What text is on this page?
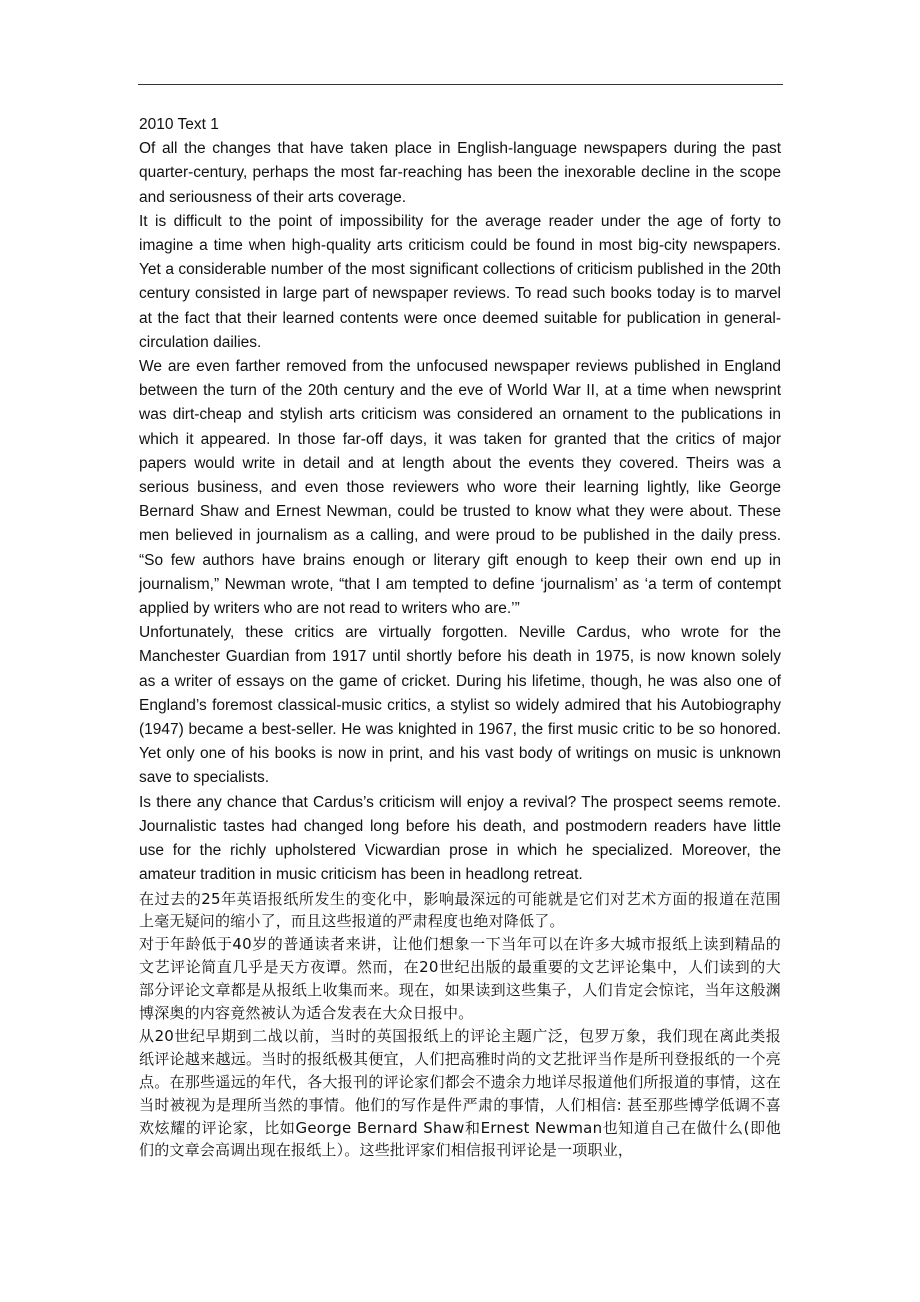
2010 Text 1

Of all the changes that have taken place in English-language newspapers during the past quarter-century, perhaps the most far-reaching has been the inexorable decline in the scope and seriousness of their arts coverage.

It is difficult to the point of impossibility for the average reader under the age of forty to imagine a time when high-quality arts criticism could be found in most big-city newspapers. Yet a considerable number of the most significant collections of criticism published in the 20th century consisted in large part of newspaper reviews. To read such books today is to marvel at the fact that their learned contents were once deemed suitable for publication in general-circulation dailies.

We are even farther removed from the unfocused newspaper reviews published in England between the turn of the 20th century and the eve of World War II, at a time when newsprint was dirt-cheap and stylish arts criticism was considered an ornament to the publications in which it appeared. In those far-off days, it was taken for granted that the critics of major papers would write in detail and at length about the events they covered. Theirs was a serious business, and even those reviewers who wore their learning lightly, like George Bernard Shaw and Ernest Newman, could be trusted to know what they were about. These men believed in journalism as a calling, and were proud to be published in the daily press. “So few authors have brains enough or literary gift enough to keep their own end up in journalism,” Newman wrote, “that I am tempted to define ‘journalism’ as ‘a term of contempt applied by writers who are not read to writers who are.’”

Unfortunately, these critics are virtually forgotten. Neville Cardus, who wrote for the Manchester Guardian from 1917 until shortly before his death in 1975, is now known solely as a writer of essays on the game of cricket. During his lifetime, though, he was also one of England’s foremost classical-music critics, a stylist so widely admired that his Autobiography (1947) became a best-seller. He was knighted in 1967, the first music critic to be so honored. Yet only one of his books is now in print, and his vast body of writings on music is unknown save to specialists.

Is there any chance that Cardus’s criticism will enjoy a revival? The prospect seems remote. Journalistic tastes had changed long before his death, and postmodern readers have little use for the richly upholstered Vicwardian prose in which he specialized. Moreover, the amateur tradition in music criticism has been in headlong retreat.

在过去的25年英语报纸所发生的变化中，影响最深远的可能就是它们对艺术方面的报道在范围上毫无疑问的缩小了，而且这些报道的严肃程度也绝对降低了。

对于年龄低于40岁的普通读者来讲，让他们想象一下当年可以在许多大城市报纸上读到精品的文艺评论简直几乎是天方夜谭。然而，在20世纪出版的最重要的文艺评论集中，人们读到的大部分评论文章都是从报纸上收集而来。现在，如果读到这些集子，人们肯定会惊诧，当年这般渊博深奥的内容竟然被认为适合发表在大众日报中。

从20世纪早期到二战以前，当时的英国报纸上的评论主题广泛，包罗万象，我们现在离此类报纸评论越来越远。当时的报纸极其便宜，人们把高雅时尚的文艺批评当作是所刊登报纸的一个亮点。在那些遥远的年代，各大报刊的评论家们都会不遗余力地详尽报道他们所报道的事情，这在当时被视为是理所当然的事情。他们的写作是件严肃的事情，人们相信: 甚至那些博学低调不喜欢炫耀的评论家，比如George Bernard Shaw和Ernest Newman也知道自己在做什么(即他们的文章会高调出现在报纸上）。这些批评家们相信报刊评论是一项职业，
